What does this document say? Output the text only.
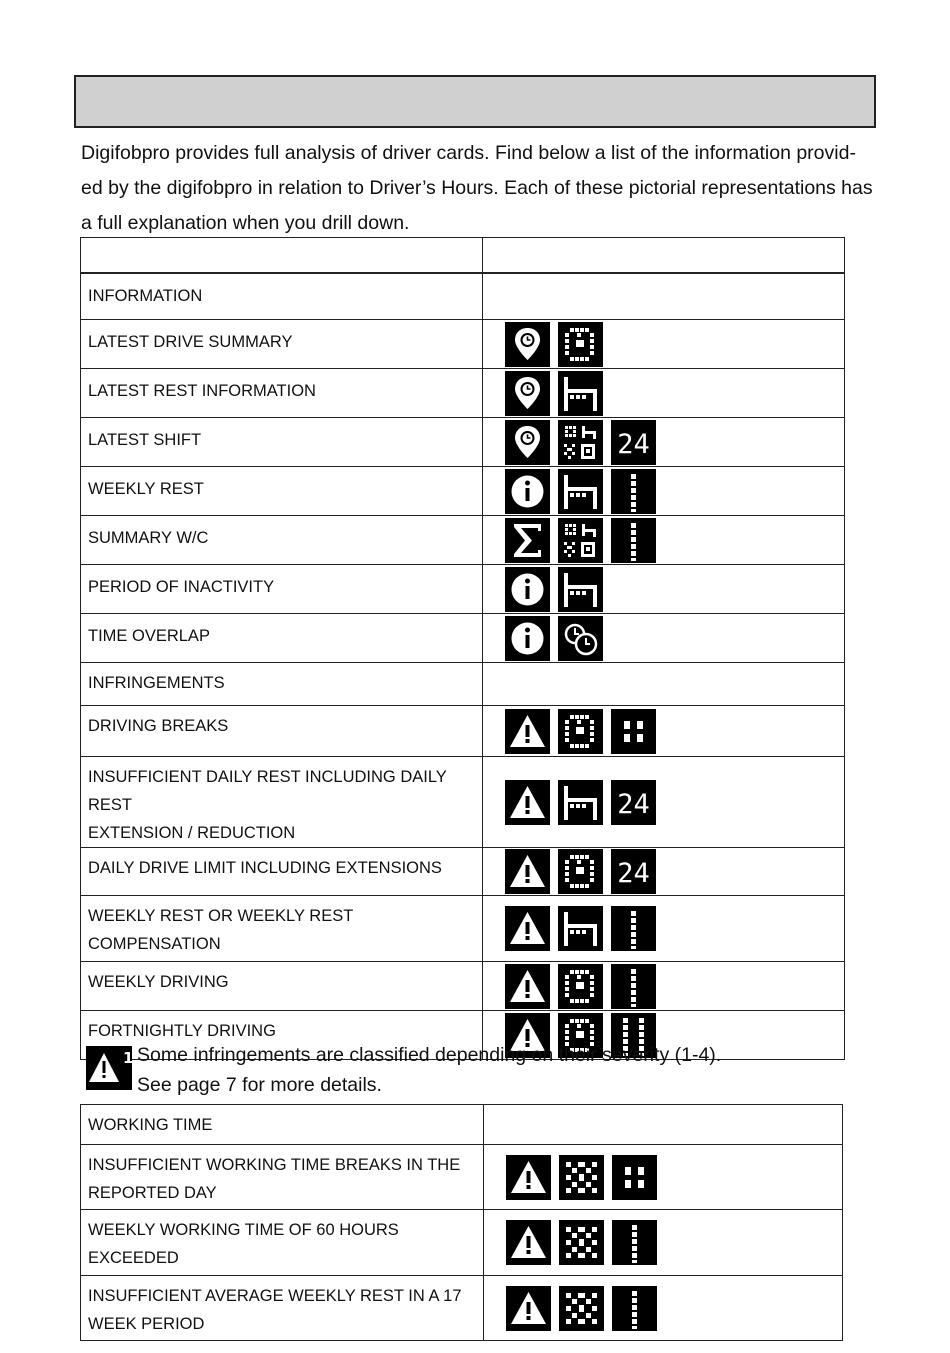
Digifobpro provides full analysis of driver cards. Find below a list of the information provid-
ed by the digifobpro in relation to Driver’s Hours. Each of these pictorial representations has
a full explanation when you drill down.

INFORMATION	
LATEST DRIVE SUMMARY	

LATEST REST INFORMATION	

LATEST SHIFT	24

WEEKLY REST	

SUMMARY W/C	

PERIOD OF INACTIVITY	

TIME OVERLAP	

INFRINGEMENTS	
DRIVING BREAKS	

INSUFFICIENT DAILY REST INCLUDING DAILY REST
EXTENSION / REDUCTION	24

DAILY DRIVE LIMIT INCLUDING EXTENSIONS	24

WEEKLY REST OR WEEKLY REST
COMPENSATION	

WEEKLY DRIVING	

FORTNIGHTLY DRIVING	
1 Some infringements are classified depending on their severity (1-4).
See page 7 for more details.
WORKING TIME	
INSUFFICIENT WORKING TIME BREAKS IN THE
REPORTED DAY	

WEEKLY WORKING TIME OF 60 HOURS
EXCEEDED	

INSUFFICIENT AVERAGE WEEKLY REST IN A 17
WEEK PERIOD	
